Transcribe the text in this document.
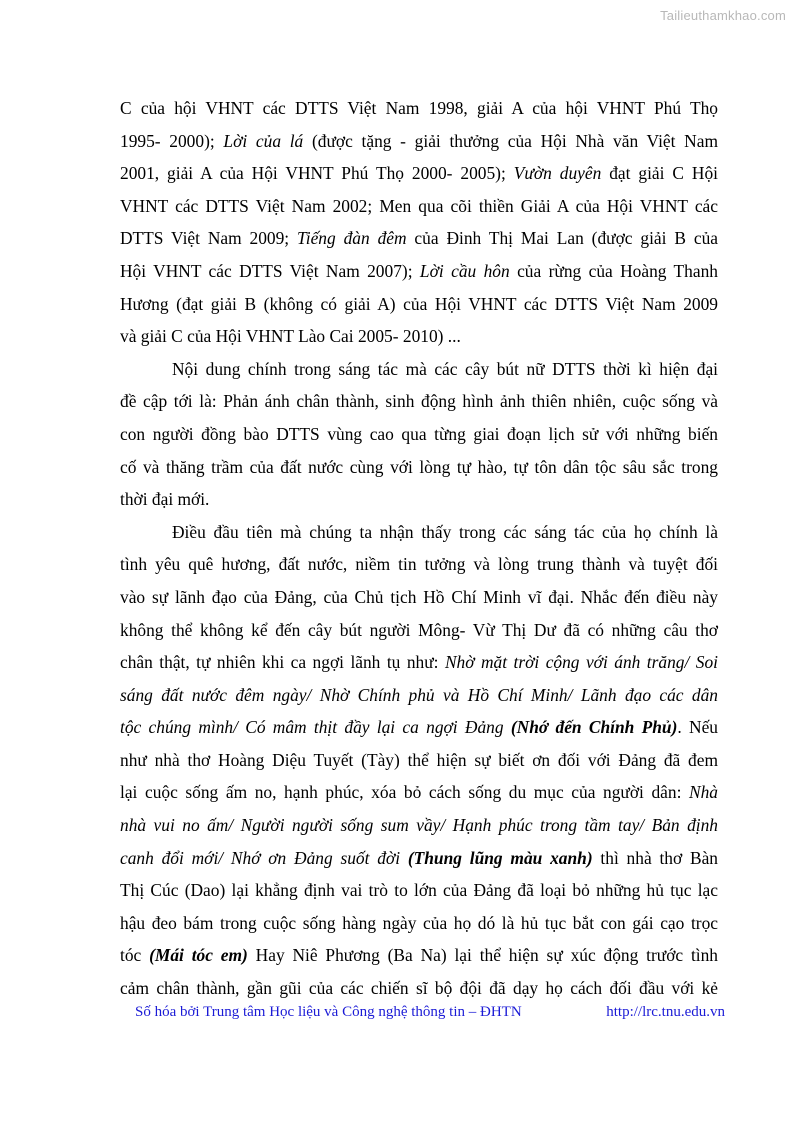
Tailieuthamkhao.com
C của hội VHNT các DTTS Việt Nam 1998, giải A của hội VHNT Phú Thọ
1995- 2000); Lời của lá (được tặng - giải thưởng của Hội Nhà văn Việt Nam
2001, giải A của Hội VHNT Phú Thọ 2000- 2005); Vườn duyên đạt giải C Hội
VHNT các DTTS Việt Nam 2002; Men qua cõi thiền Giải A của Hội VHNT các
DTTS Việt Nam 2009; Tiếng đàn đêm của Đinh Thị Mai Lan (được giải B của
Hội VHNT các DTTS Việt Nam 2007); Lời cầu hôn của rừng của Hoàng Thanh
Hương (đạt giải B (không có giải A) của Hội VHNT các DTTS Việt Nam 2009
và giải C của Hội VHNT Lào Cai 2005- 2010) ...
Nội dung chính trong sáng tác mà các cây bút nữ DTTS thời kì hiện đại
đề cập tới là: Phản ánh chân thành, sinh động hình ảnh thiên nhiên, cuộc sống và
con người đồng bào DTTS vùng cao qua từng giai đoạn lịch sử với những biến
cố và thăng trầm của đất nước cùng với lòng tự hào, tự tôn dân tộc sâu sắc trong
thời đại mới.
Điều đầu tiên mà chúng ta nhận thấy trong các sáng tác của họ chính là
tình yêu quê hương, đất nước, niềm tin tưởng và lòng trung thành và tuyệt đối
vào sự lãnh đạo của Đảng, của Chủ tịch Hồ Chí Minh vĩ đại. Nhắc đến điều này
không thể không kể đến cây bút người Mông- Vừ Thị Dư đã có những câu thơ
chân thật, tự nhiên khi ca ngợi lãnh tụ như: Nhờ mặt trời cộng với ánh trăng/ Soi
sáng đất nước đêm ngày/ Nhờ Chính phủ và Hồ Chí Minh/ Lãnh đạo các dân
tộc chúng mình/ Có mâm thịt đầy lại ca ngợi Đảng (Nhớ đến Chính Phủ). Nếu
như nhà thơ Hoàng Diệu Tuyết (Tày) thể hiện sự biết ơn đối với Đảng đã đem
lại cuộc sống ấm no, hạnh phúc, xóa bỏ cách sống du mục của người dân: Nhà
nhà vui no ấm/ Người người sống sum vầy/ Hạnh phúc trong tầm tay/ Bản định
canh đổi mới/ Nhớ ơn Đảng suốt đời (Thung lũng màu xanh) thì nhà thơ Bàn
Thị Cúc (Dao) lại khẳng định vai trò to lớn của Đảng đã loại bỏ những hủ tục lạc
hậu đeo bám trong cuộc sống hàng ngày của họ dó là hủ tục bắt con gái cạo trọc
tóc (Mái tóc em) Hay Niê Phương (Ba Na) lại thể hiện sự xúc động trước tình
cảm chân thành, gần gũi của các chiến sĩ bộ đội đã dạy họ cách đối đầu với kẻ
Số hóa bởi Trung tâm Học liệu và Công nghệ thông tin – ĐHTN	http://lrc.tnu.edu.vn
